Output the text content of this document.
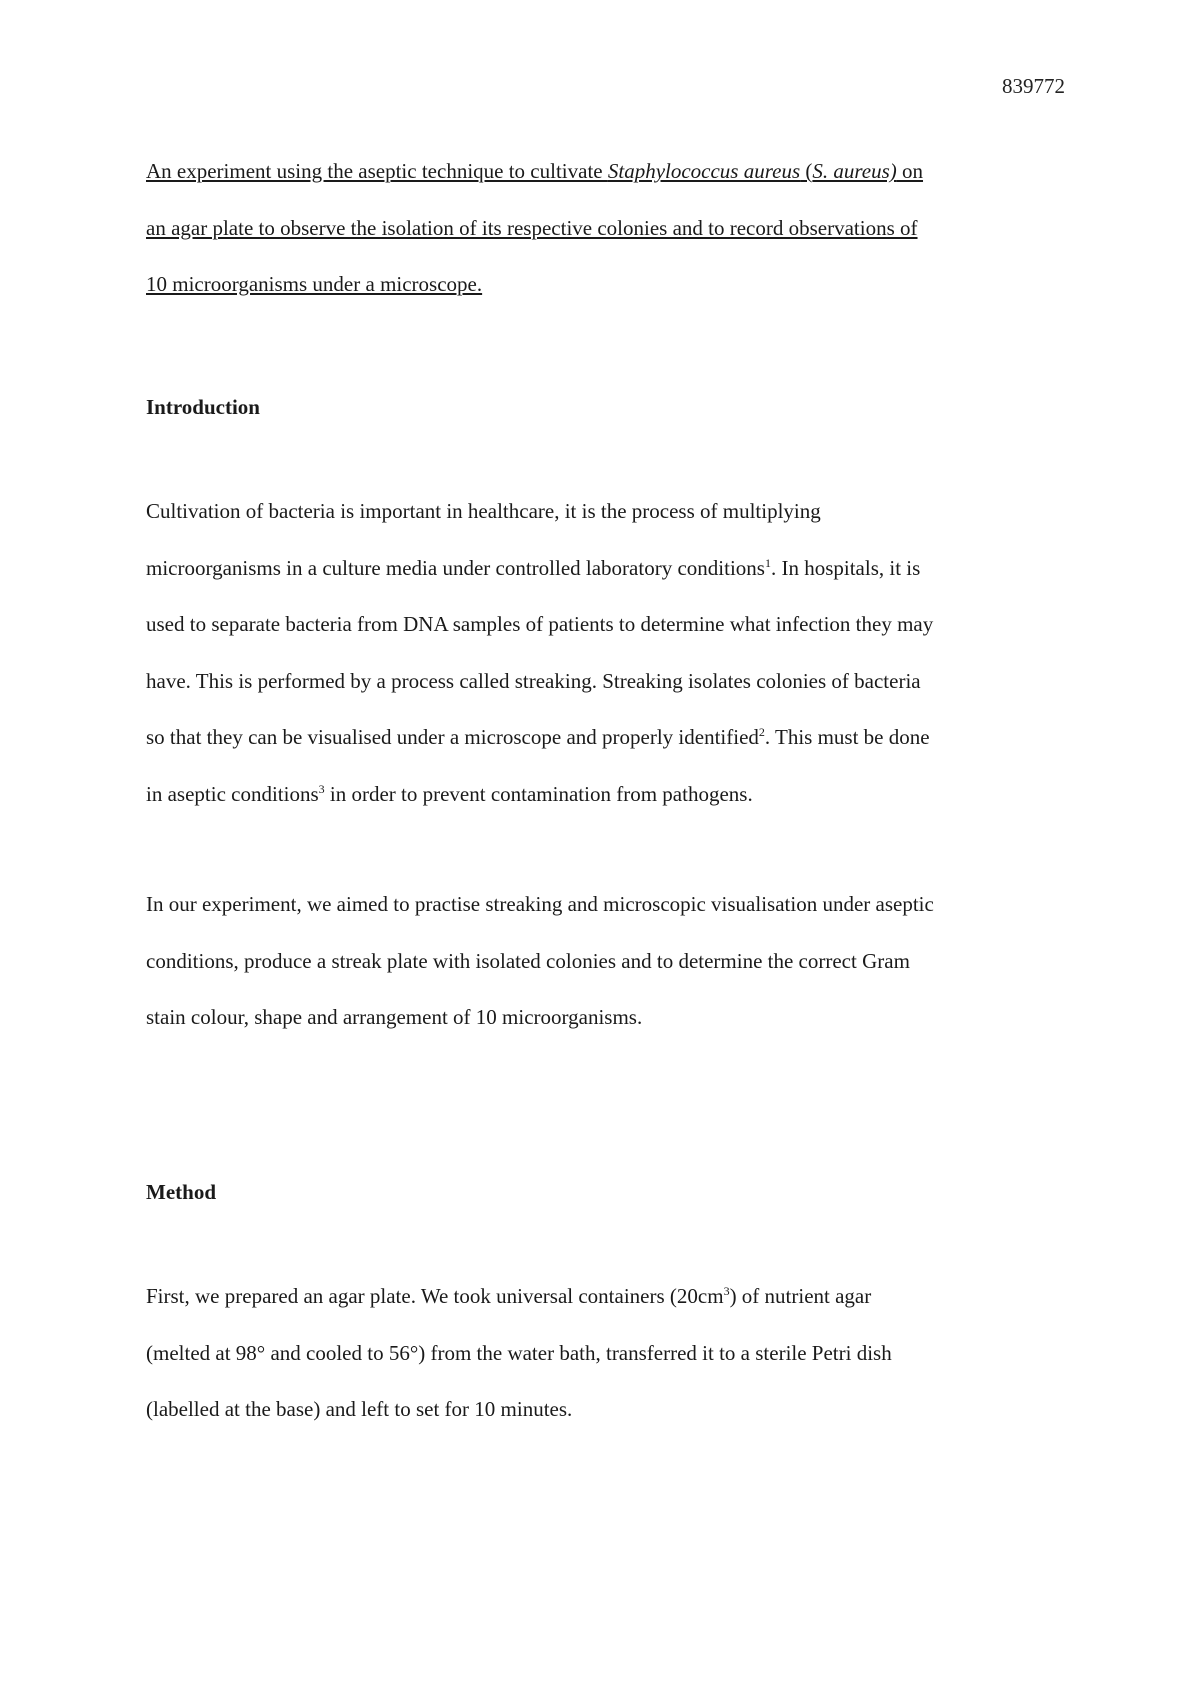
839772

An experiment using the aseptic technique to cultivate Staphylococcus aureus (S. aureus) on
an agar plate to observe the isolation of its respective colonies and to record observations of
10 microorganisms under a microscope.

Introduction

Cultivation of bacteria is important in healthcare, it is the process of multiplying
microorganisms in a culture media under controlled laboratory conditions$^1$. In hospitals, it is
used to separate bacteria from DNA samples of patients to determine what infection they may
have. This is performed by a process called streaking. Streaking isolates colonies of bacteria
so that they can be visualised under a microscope and properly identified$^2$. This must be done
in aseptic conditions$^3$ in order to prevent contamination from pathogens.

In our experiment, we aimed to practise streaking and microscopic visualisation under aseptic
conditions, produce a streak plate with isolated colonies and to determine the correct Gram
stain colour, shape and arrangement of 10 microorganisms.

Method

First, we prepared an agar plate. We took universal containers $(20cm^3)$ of nutrient agar
(melted at 98° and cooled to 56°) from the water bath, transferred it to a sterile Petri dish
(labelled at the base) and left to set for 10 minutes.
